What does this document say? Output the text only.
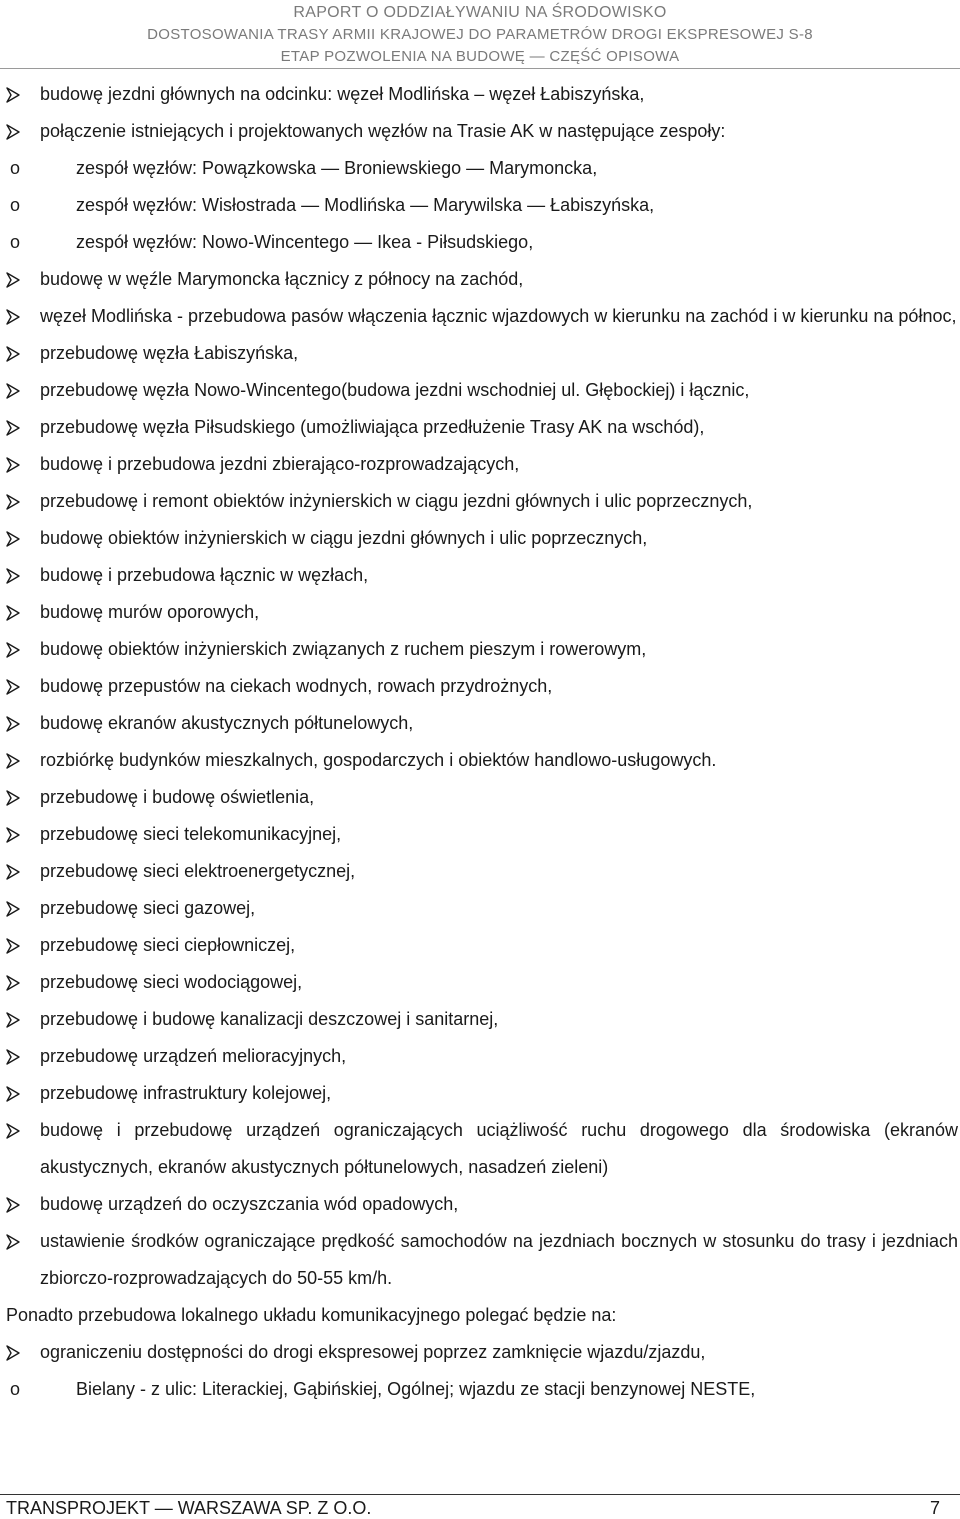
RAPORT O ODDZIAŁYWANIU NA ŚRODOWISKO
DOSTOSOWANIA TRASY ARMII KRAJOWEJ DO PARAMETRÓW DROGI EKSPRESOWEJ S-8
ETAP POZWOLENIA NA BUDOWĘ — CZĘŚĆ OPISOWA
budowę jezdni głównych na odcinku: węzeł Modlińska – węzeł Łabiszyńska,
połączenie istniejących i projektowanych węzłów na Trasie AK w następujące zespoły:
o	zespół węzłów: Powązkowska — Broniewskiego — Marymoncka,
o	zespół węzłów: Wisłostrada — Modlińska — Marywilska — Łabiszyńska,
o	zespół węzłów: Nowo-Wincentego — Ikea - Piłsudskiego,
budowę w węźle Marymoncka łącznicy z północy na zachód,
węzeł Modlińska - przebudowa pasów włączenia łącznic wjazdowych w kierunku na zachód i w kierunku na północ,
przebudowę węzła Łabiszyńska,
przebudowę węzła Nowo-Wincentego(budowa jezdni wschodniej ul. Głębockiej) i łącznic,
przebudowę węzła Piłsudskiego (umożliwiająca przedłużenie Trasy AK na wschód),
budowę i przebudowa jezdni zbierająco-rozprowadzających,
przebudowę i remont obiektów inżynierskich w ciągu jezdni głównych i ulic poprzecznych,
budowę obiektów inżynierskich w ciągu jezdni głównych i ulic poprzecznych,
budowę i przebudowa łącznic w węzłach,
budowę murów oporowych,
budowę obiektów inżynierskich związanych z ruchem pieszym i rowerowym,
budowę przepustów na ciekach wodnych, rowach przydrożnych,
budowę ekranów akustycznych półtunelowych,
rozbiórkę budynków mieszkalnych, gospodarczych i obiektów handlowo-usługowych.
przebudowę i budowę oświetlenia,
przebudowę sieci telekomunikacyjnej,
przebudowę sieci elektroenergetycznej,
przebudowę sieci gazowej,
przebudowę sieci ciepłowniczej,
przebudowę sieci wodociągowej,
przebudowę i budowę kanalizacji deszczowej i sanitarnej,
przebudowę urządzeń melioracyjnych,
przebudowę infrastruktury kolejowej,
budowę i przebudowę urządzeń ograniczających uciążliwość ruchu drogowego dla środowiska (ekranów akustycznych, ekranów akustycznych półtunelowych, nasadzeń zieleni)
budowę urządzeń do oczyszczania wód opadowych,
ustawienie środków ograniczające prędkość samochodów na jezdniach bocznych w stosunku do trasy i jezdniach zbiorczo-rozprowadzających do 50-55 km/h.
Ponadto przebudowa lokalnego układu komunikacyjnego polegać będzie na:
ograniczeniu dostępności do drogi ekspresowej poprzez zamknięcie wjazdu/zjazdu,
o	Bielany - z ulic: Literackiej, Gąbińskiej, Ogólnej; wjazdu ze stacji benzynowej NESTE,
TRANSPROJEKT — WARSZAWA SP. Z O.O.	7
